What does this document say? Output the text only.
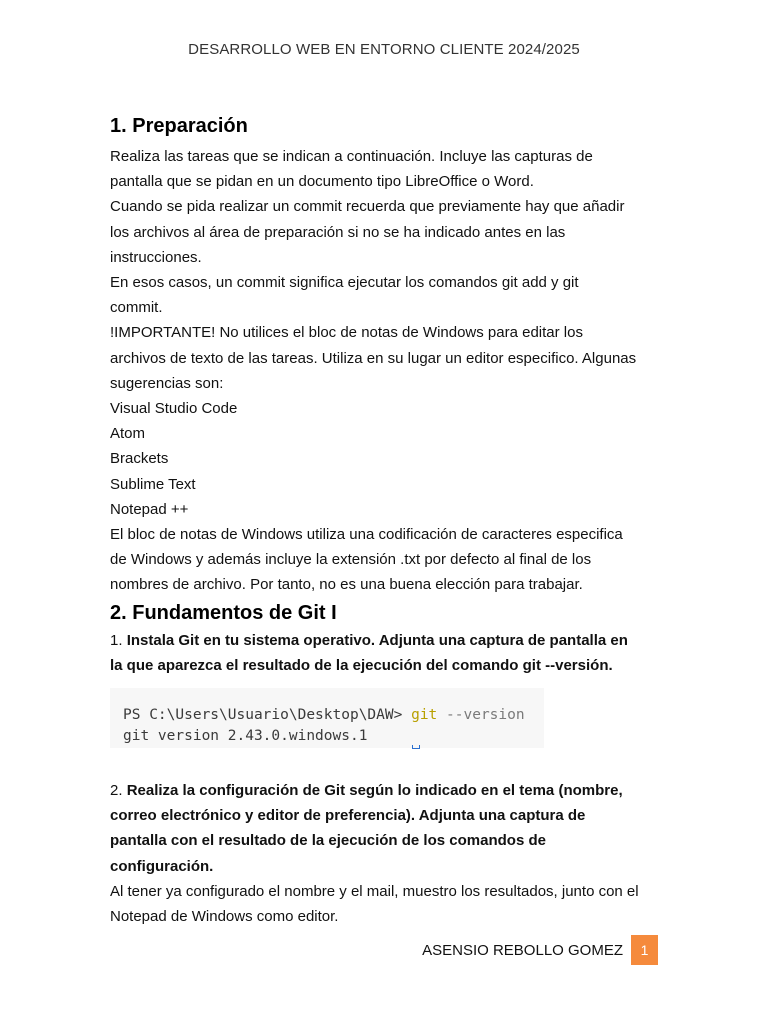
DESARROLLO WEB EN ENTORNO CLIENTE 2024/2025
1. Preparación

Realiza las tareas que se indican a continuación. Incluye las capturas de

pantalla que se pidan en un documento tipo LibreOffice o Word.

Cuando se pida realizar un commit recuerda que previamente hay que añadir

los archivos al área de preparación si no se ha indicado antes en las

instrucciones.

En esos casos, un commit significa ejecutar los comandos git add y git

commit.

!IMPORTANTE! No utilices el bloc de notas de Windows para editar los

archivos de texto de las tareas. Utiliza en su lugar un editor especifico. Algunas

sugerencias son:

Visual Studio Code

Atom

Brackets

Sublime Text

Notepad ++

El bloc de notas de Windows utiliza una codificación de caracteres especifica

de Windows y además incluye la extensión .txt por defecto al final de los

nombres de archivo. Por tanto, no es una buena elección para trabajar.

2. Fundamentos de Git I

1. Instala Git en tu sistema operativo. Adjunta una captura de pantalla en

la que aparezca el resultado de la ejecución del comando git --versión.

PS C:\Users\Usuario\Desktop\DAW> git --version
git version 2.43.0.windows.1

2. Realiza la configuración de Git según lo indicado en el tema (nombre,

correo electrónico y editor de preferencia). Adjunta una captura de

pantalla con el resultado de la ejecución de los comandos de

configuración.

Al tener ya configurado el nombre y el mail, muestro los resultados, junto con el

Notepad de Windows como editor.

ASENSIO REBOLLO GOMEZ 1
